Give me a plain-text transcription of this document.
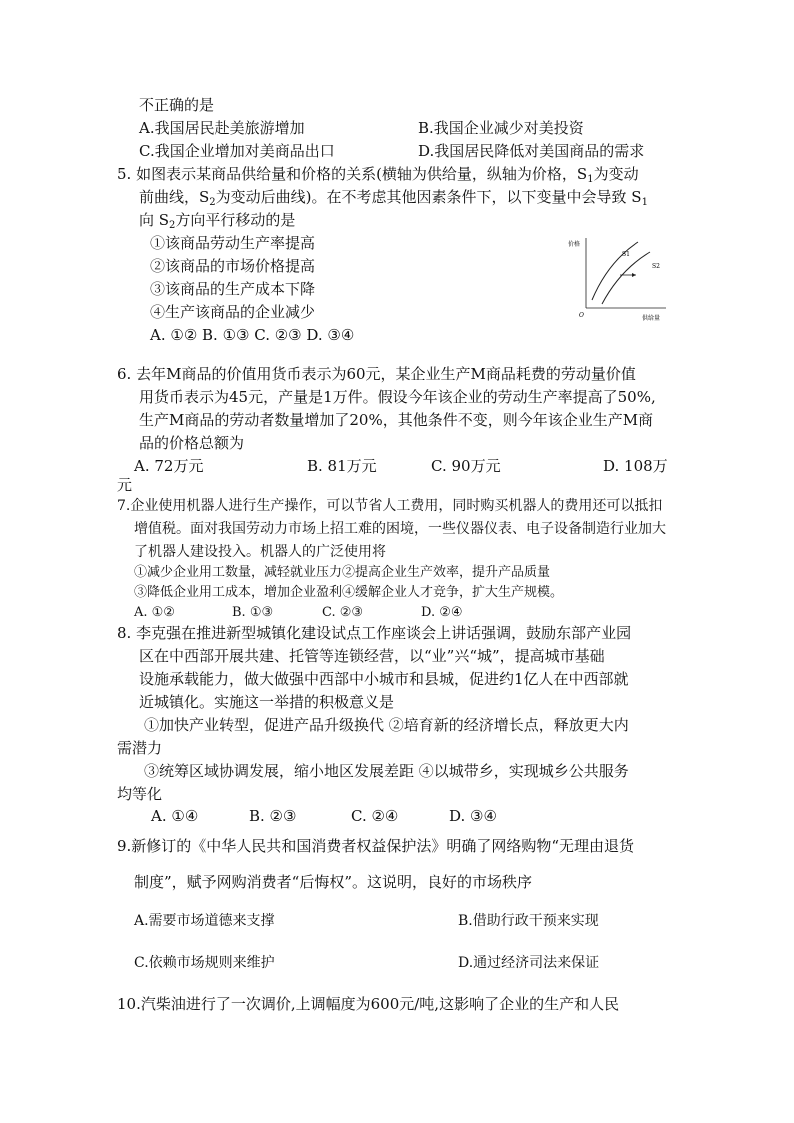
不正确的是
A.我国居民赴美旅游增加	B.我国企业减少对美投资
C.我国企业增加对美商品出口	D.我国居民降低对美国商品的需求
5. 如图表示某商品供给量和价格的关系(横轴为供给量，纵轴为价格，$S_1$为变动
前曲线，$S_2$为变动后曲线)。在不考虑其他因素条件下，以下变量中会导致 $S_1$
向 $S_2$方向平行移动的是
①该商品劳动生产率提高
②该商品的市场价格提高
③该商品的生产成本下降
④生产该商品的企业减少
A. ①② B. ①③ C. ②③ D. ③④
价格
供给量
O
S1
S2
6. 去年M商品的价值用货币表示为60元，某企业生产M商品耗费的劳动量价值
用货币表示为45元，产量是1万件。假设今年该企业的劳动生产率提高了50%,
生产M商品的劳动者数量增加了20%，其他条件不变，则今年该企业生产M商
品的价格总额为
A. 72万元	B. 81万元	C. 90万元	D. 108万
元
7.企业使用机器人进行生产操作，可以节省人工费用，同时购买机器人的费用还可以抵扣
增值税。面对我国劳动力市场上招工难的困境，一些仪器仪表、电子设备制造行业加大
了机器人建设投入。机器人的广泛使用将
①减少企业用工数量，减轻就业压力②提高企业生产效率，提升产品质量
③降低企业用工成本，增加企业盈利④缓解企业人才竞争，扩大生产规模。
A. ①②	B. ①③	C. ②③	D. ②④
8. 李克强在推进新型城镇化建设试点工作座谈会上讲话强调，鼓励东部产业园
区在中西部开展共建、托管等连锁经营，以“业”兴“城”，提高城市基础
设施承载能力，做大做强中西部中小城市和县城，促进约1亿人在中西部就
近城镇化。实施这一举措的积极意义是
①加快产业转型，促进产品升级换代 ②培育新的经济增长点，释放更大内
需潜力
③统筹区域协调发展，缩小地区发展差距 ④以城带乡，实现城乡公共服务
均等化
A. ①④	B. ②③	C. ②④	D. ③④
9.新修订的《中华人民共和国消费者权益保护法》明确了网络购物“无理由退货
制度”，赋予网购消费者“后悔权”。这说明，良好的市场秩序
A.需要市场道德来支撑	B.借助行政干预来实现
C.依赖市场规则来维护	D.通过经济司法来保证
10.汽柴油进行了一次调价,上调幅度为600元/吨,这影响了企业的生产和人民
